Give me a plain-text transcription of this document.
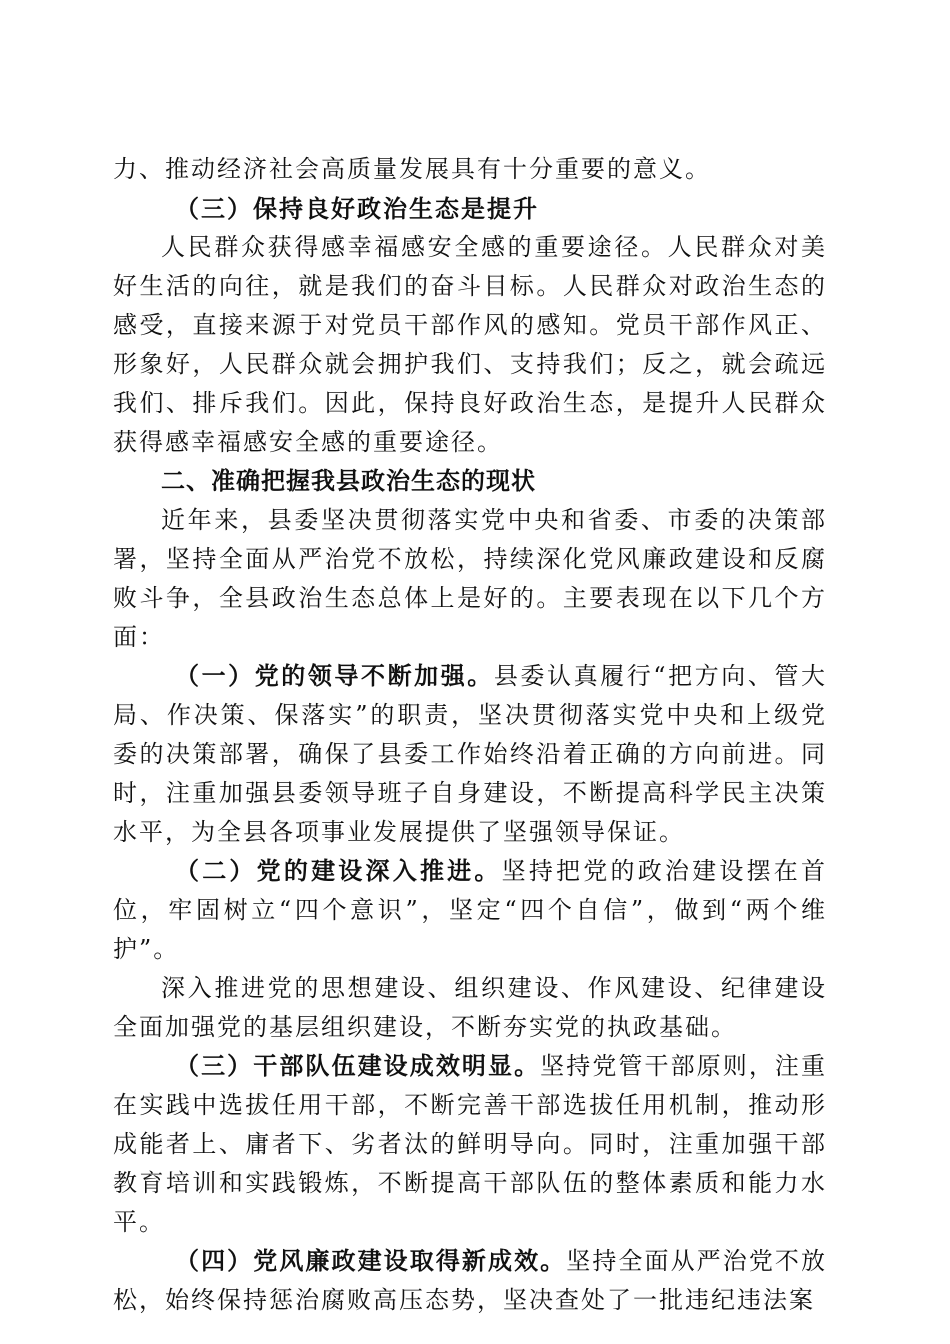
力、推动经济社会高质量发展具有十分重要的意义。

（三）保持良好政治生态是提升

人民群众获得感幸福感安全感的重要途径。人民群众对美好生活的向往，就是我们的奋斗目标。人民群众对政治生态的感受，直接来源于对党员干部作风的感知。党员干部作风正、形象好，人民群众就会拥护我们、支持我们；反之，就会疏远我们、排斥我们。因此，保持良好政治生态，是提升人民群众获得感幸福感安全感的重要途径。

二、准确把握我县政治生态的现状

近年来，县委坚决贯彻落实党中央和省委、市委的决策部署，坚持全面从严治党不放松，持续深化党风廉政建设和反腐败斗争，全县政治生态总体上是好的。主要表现在以下几个方面：

（一）党的领导不断加强。县委认真履行“把方向、管大局、作决策、保落实”的职责，坚决贯彻落实党中央和上级党委的决策部署，确保了县委工作始终沿着正确的方向前进。同时，注重加强县委领导班子自身建设，不断提高科学民主决策水平，为全县各项事业发展提供了坚强领导保证。

（二）党的建设深入推进。坚持把党的政治建设摆在首位，牢固树立“四个意识”，坚定“四个自信”，做到“两个维护”。

深入推进党的思想建设、组织建设、作风建设、纪律建设全面加强党的基层组织建设，不断夯实党的执政基础。

（三）干部队伍建设成效明显。坚持党管干部原则，注重在实践中选拔任用干部，不断完善干部选拔任用机制，推动形成能者上、庸者下、劣者汰的鲜明导向。同时，注重加强干部教育培训和实践锻炼，不断提高干部队伍的整体素质和能力水平。

（四）党风廉政建设取得新成效。坚持全面从严治党不放松，始终保持惩治腐败高压态势，坚决查处了一批违纪违法案
